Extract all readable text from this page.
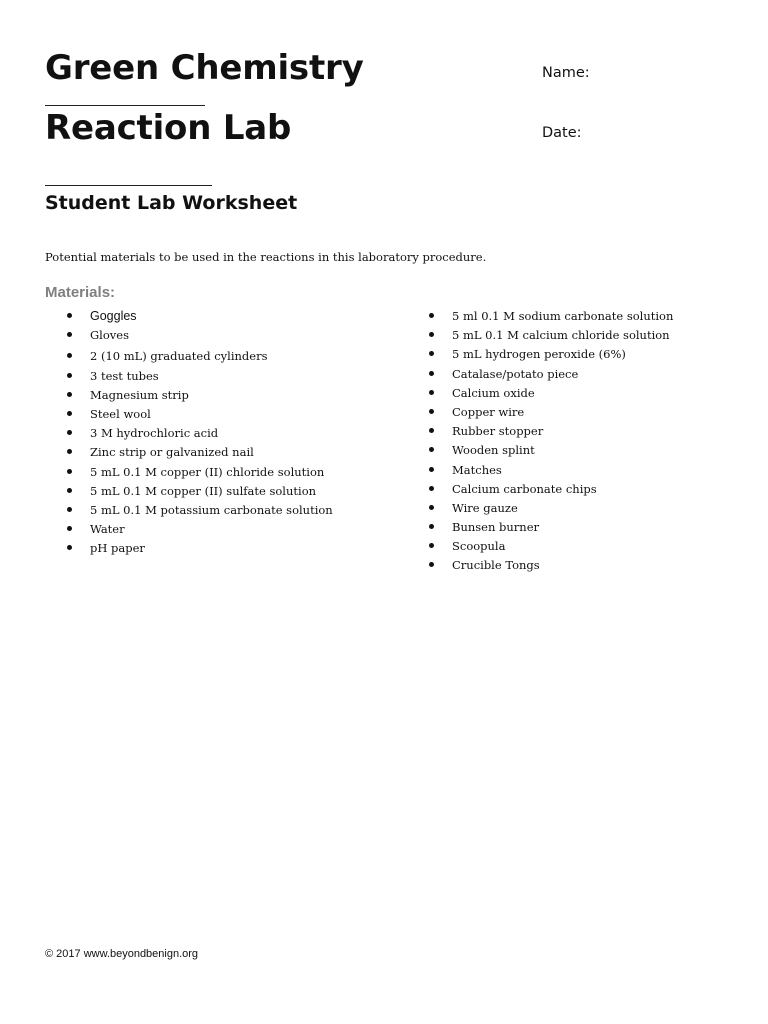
Green Chemistry
Reaction Lab
Name:
Date:
Student Lab Worksheet

Potential materials to be used in the reactions in this laboratory procedure.

Materials:
Goggles
Gloves
2 (10 mL) graduated cylinders
3 test tubes
Magnesium strip
Steel wool
3 M hydrochloric acid
Zinc strip or galvanized nail
5 mL 0.1 M copper (II) chloride solution
5 mL 0.1 M copper (II) sulfate solution
5 mL 0.1 M potassium carbonate solution
Water
pH paper
5 ml 0.1 M sodium carbonate solution
5 mL 0.1 M calcium chloride solution
5 mL hydrogen peroxide (6%)
Catalase/potato piece
Calcium oxide
Copper wire
Rubber stopper
Wooden splint
Matches
Calcium carbonate chips
Wire gauze
Bunsen burner
Scoopula
Crucible Tongs

© 2017 www.beyondbenign.org
